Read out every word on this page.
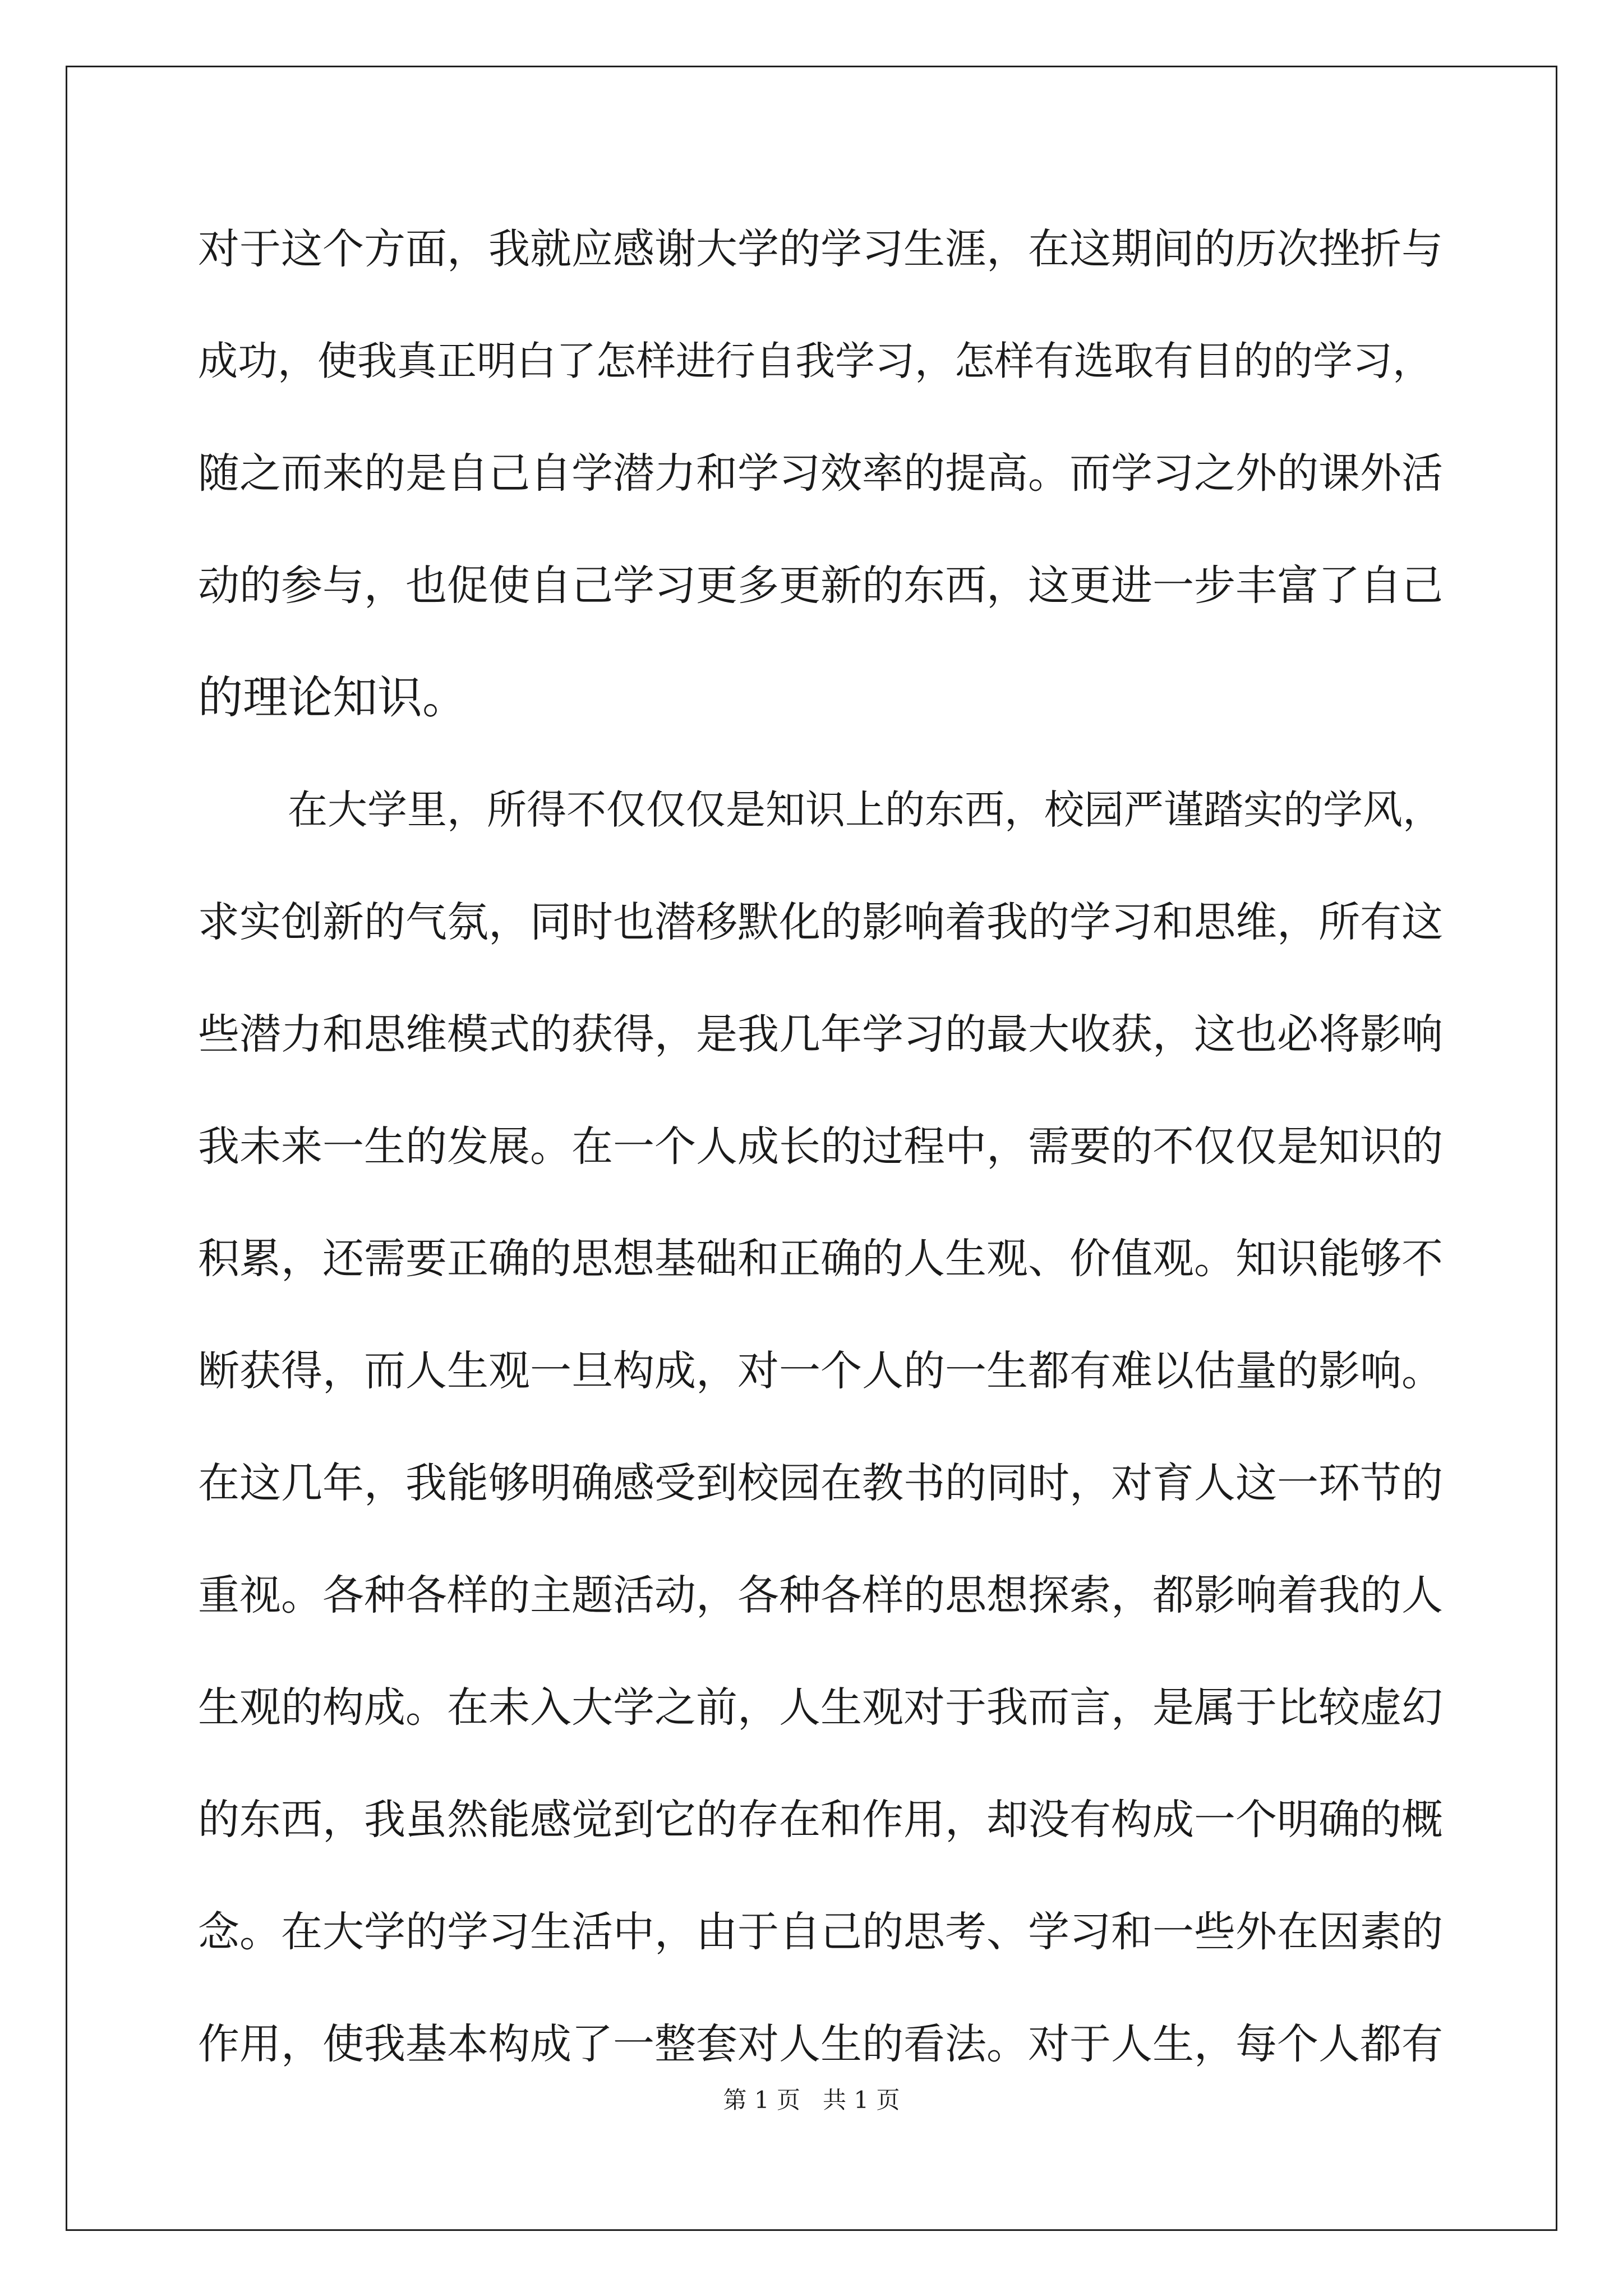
对于这个方面，我就应感谢大学的学习生涯，在这期间的历次挫折与
成功，使我真正明白了怎样进行自我学习，怎样有选取有目的的学习，
随之而来的是自己自学潜力和学习效率的提高。而学习之外的课外活
动的参与，也促使自己学习更多更新的东西，这更进一步丰富了自己
的理论知识。
在大学里，所得不仅仅仅是知识上的东西，校园严谨踏实的学风，
求实创新的气氛，同时也潜移默化的影响着我的学习和思维，所有这
些潜力和思维模式的获得，是我几年学习的最大收获，这也必将影响
我未来一生的发展。在一个人成长的过程中，需要的不仅仅是知识的
积累，还需要正确的思想基础和正确的人生观、价值观。知识能够不
断获得，而人生观一旦构成，对一个人的一生都有难以估量的影响。
在这几年，我能够明确感受到校园在教书的同时，对育人这一环节的
重视。各种各样的主题活动，各种各样的思想探索，都影响着我的人
生观的构成。在未入大学之前，人生观对于我而言，是属于比较虚幻
的东西，我虽然能感觉到它的存在和作用，却没有构成一个明确的概
念。在大学的学习生活中，由于自己的思考、学习和一些外在因素的
作用，使我基本构成了一整套对人生的看法。对于人生，每个人都有
第 1 页   共 1 页
